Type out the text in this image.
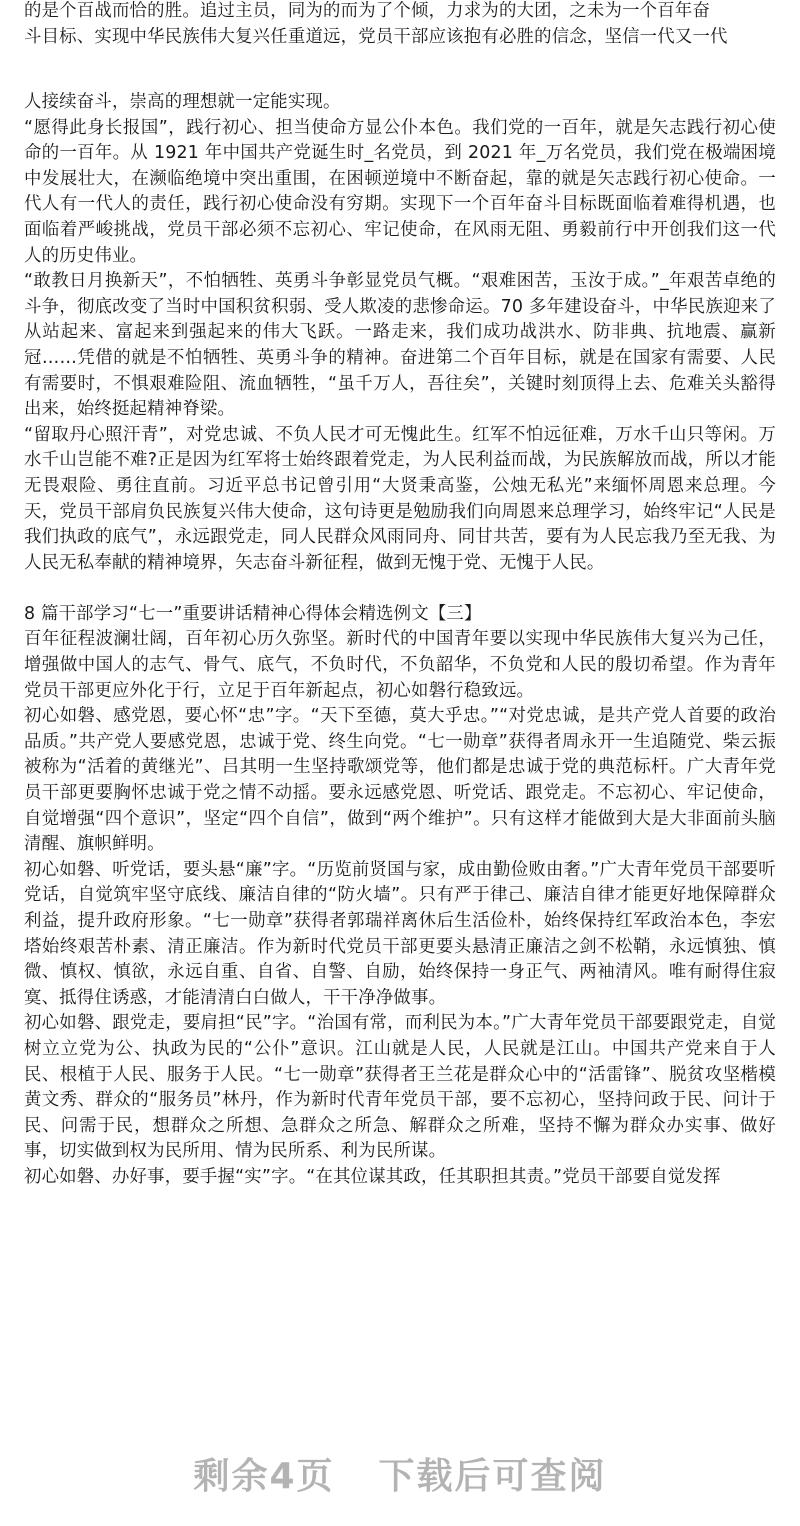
的是个百战而恰的胜。追过主员，同为的而为了个倾，力求为的大团，之未为一个百年奋
斗目标、实现中华民族伟大复兴任重道远，党员干部应该抱有必胜的信念，坚信一代又一代

人接续奋斗，崇高的理想就一定能实现。

“愿得此身长报国”，践行初心、担当使命方显公仆本色。我们党的一百年，就是矢志践行初心使命的一百年。从 1921 年中国共产党诞生时_名党员，到 2021 年_万名党员，我们党在极端困境中发展壮大，在濒临绝境中突出重围，在困顿逆境中不断奋起，靠的就是矢志践行初心使命。一代人有一代人的责任，践行初心使命没有穷期。实现下一个百年奋斗目标既面临着难得机遇，也面临着严峻挑战，党员干部必须不忘初心、牢记使命，在风雨无阻、勇毅前行中开创我们这一代人的历史伟业。

“敢教日月换新天”，不怕牺牲、英勇斗争彰显党员气概。“艰难困苦，玉汝于成。”_年艰苦卓绝的斗争，彻底改变了当时中国积贫积弱、受人欺凌的悲惨命运。70 多年建设奋斗，中华民族迎来了从站起来、富起来到强起来的伟大飞跃。一路走来，我们成功战洪水、防非典、抗地震、赢新冠……凭借的就是不怕牺牲、英勇斗争的精神。奋进第二个百年目标，就是在国家有需要、人民有需要时，不惧艰难险阻、流血牺牲，“虽千万人，吾往矣”，关键时刻顶得上去、危难关头豁得出来，始终挺起精神脊梁。

“留取丹心照汗青”，对党忠诚、不负人民才可无愧此生。红军不怕远征难，万水千山只等闲。万水千山岂能不难?正是因为红军将士始终跟着党走，为人民利益而战，为民族解放而战，所以才能无畏艰险、勇往直前。习近平总书记曾引用“大贤秉高鉴，公烛无私光”来缅怀周恩来总理。今天，党员干部肩负民族复兴伟大使命，这句诗更是勉励我们向周恩来总理学习，始终牢记“人民是我们执政的底气”，永远跟党走，同人民群众风雨同舟、同甘共苦，要有为人民忘我乃至无我、为人民无私奉献的精神境界，矢志奋斗新征程，做到无愧于党、无愧于人民。

8 篇干部学习“七一”重要讲话精神心得体会精选例文【三】

百年征程波澜壮阔，百年初心历久弥坚。新时代的中国青年要以实现中华民族伟大复兴为己任，增强做中国人的志气、骨气、底气，不负时代，不负韶华，不负党和人民的殷切希望。作为青年党员干部更应外化于行，立足于百年新起点，初心如磐行稳致远。

初心如磐、感党恩，要心怀“忠”字。“天下至德，莫大乎忠。”“对党忠诚，是共产党人首要的政治品质。”共产党人要感党恩，忠诚于党、终生向党。“七一勋章”获得者周永开一生追随党、柴云振被称为“活着的黄继光”、吕其明一生坚持歌颂党等，他们都是忠诚于党的典范标杆。广大青年党员干部更要胸怀忠诚于党之情不动摇。要永远感党恩、听党话、跟党走。不忘初心、牢记使命，自觉增强“四个意识”，坚定“四个自信”，做到“两个维护”。只有这样才能做到大是大非面前头脑清醒、旗帜鲜明。

初心如磐、听党话，要头悬“廉”字。“历览前贤国与家，成由勤俭败由奢。”广大青年党员干部要听党话，自觉筑牢坚守底线、廉洁自律的“防火墙”。只有严于律己、廉洁自律才能更好地保障群众利益，提升政府形象。“七一勋章”获得者郭瑞祥离休后生活俭朴，始终保持红军政治本色，李宏塔始终艰苦朴素、清正廉洁。作为新时代党员干部更要头悬清正廉洁之剑不松鞘，永远慎独、慎微、慎权、慎欲，永远自重、自省、自警、自励，始终保持一身正气、两袖清风。唯有耐得住寂寞、抵得住诱惑，才能清清白白做人，干干净净做事。

初心如磐、跟党走，要肩担“民”字。“治国有常，而利民为本。”广大青年党员干部要跟党走，自觉树立立党为公、执政为民的“公仆”意识。江山就是人民，人民就是江山。中国共产党来自于人民、根植于人民、服务于人民。“七一勋章”获得者王兰花是群众心中的“活雷锋”、脱贫攻坚楷模黄文秀、群众的“服务员”林丹，作为新时代青年党员干部，要不忘初心，坚持问政于民、问计于民、问需于民，想群众之所想、急群众之所急、解群众之所难，坚持不懈为群众办实事、做好事，切实做到权为民所用、情为民所系、利为民所谋。

初心如磐、办好事，要手握“实”字。“在其位谋其政，任其职担其责。”党员干部要自觉发挥

剩余4页 下载后可查阅
